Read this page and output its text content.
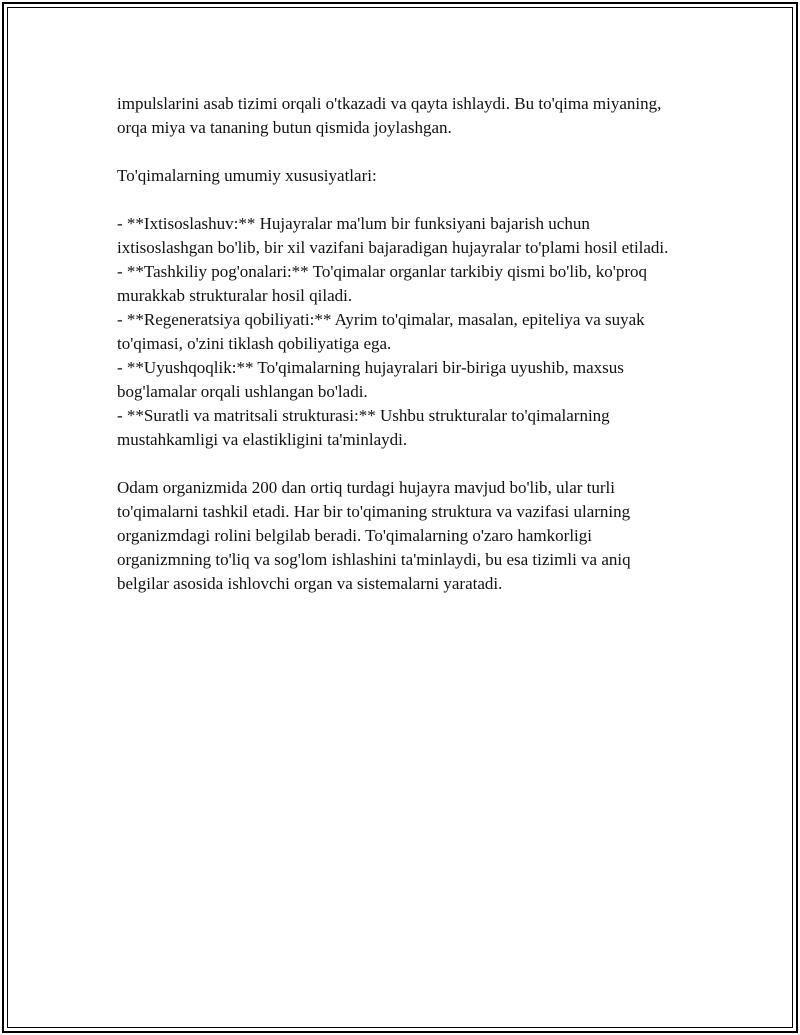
impulslarini asab tizimi orqali o'tkazadi va qayta ishlaydi. Bu to'qima miyaning, orqa miya va tananing butun qismida joylashgan.

To'qimalarning umumiy xususiyatlari:

- **Ixtisoslashuv:** Hujayralar ma'lum bir funksiyani bajarish uchun ixtisoslashgan bo'lib, bir xil vazifani bajaradigan hujayralar to'plami hosil etiladi.
- **Tashkiliy pog'onalari:** To'qimalar organlar tarkibiy qismi bo'lib, ko'proq murakkab strukturalar hosil qiladi.
- **Regeneratsiya qobiliyati:** Ayrim to'qimalar, masalan, epiteliya va suyak to'qimasi, o'zini tiklash qobiliyatiga ega.
- **Uyushqoqlik:** To'qimalarning hujayralari bir-biriga uyushib, maxsus bog'lamalar orqali ushlangan bo'ladi.
- **Suratli va matritsali strukturasi:** Ushbu strukturalar to'qimalarning mustahkamligi va elastikligini ta'minlaydi.

Odam organizmida 200 dan ortiq turdagi hujayra mavjud bo'lib, ular turli to'qimalarni tashkil etadi. Har bir to'qimaning struktura va vazifasi ularning organizmdagi rolini belgilab beradi. To'qimalarning o'zaro hamkorligi organizmning to'liq va sog'lom ishlashini ta'minlaydi, bu esa tizimli va aniq belgilar asosida ishlovchi organ va sistemalarni yaratadi.
